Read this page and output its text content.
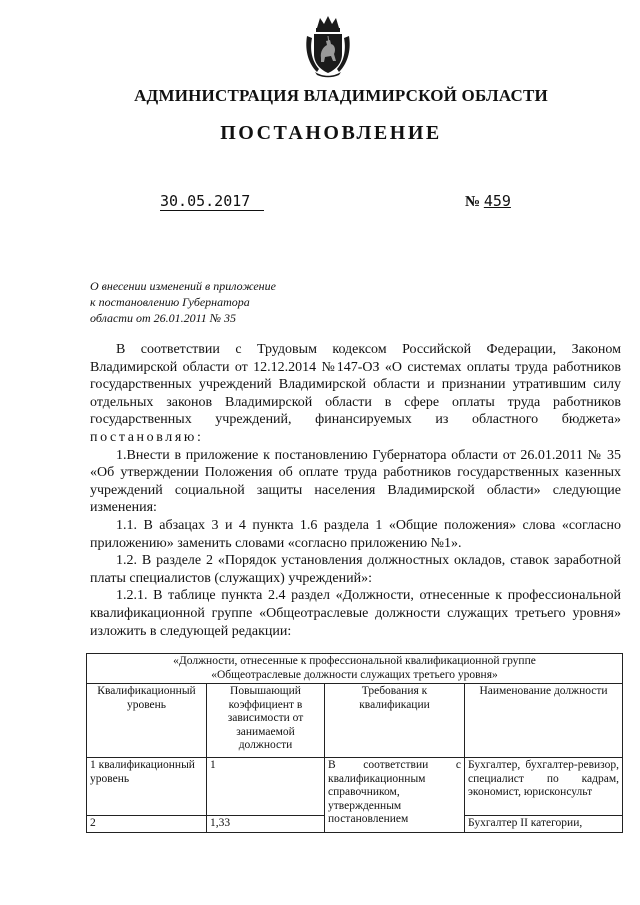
АДМИНИСТРАЦИЯ ВЛАДИМИРСКОЙ ОБЛАСТИ
ПОСТАНОВЛЕНИЕ
30.05.2017	№ 459
О внесении изменений в приложение
к постановлению Губернатора
области от 26.01.2011 № 35

В соответствии с Трудовым кодексом Российской Федерации, Законом Владимирской области от 12.12.2014 №147-ОЗ «О системах оплаты труда работников государственных учреждений Владимирской области и признании утратившим силу отдельных законов Владимирской области в сфере оплаты труда работников государственных учреждений, финансируемых из областного бюджета» постановляю:

1.Внести в приложение к постановлению Губернатора области от 26.01.2011 № 35 «Об утверждении Положения об оплате труда работников государственных казенных учреждений социальной защиты населения Владимирской области» следующие изменения:

1.1. В абзацах 3 и 4 пункта 1.6 раздела 1 «Общие положения» слова «согласно приложению» заменить словами «согласно приложению №1».

1.2. В разделе 2 «Порядок установления должностных окладов, ставок заработной платы специалистов (служащих) учреждений»:

1.2.1. В таблице пункта 2.4 раздел «Должности, отнесенные к профессиональной квалификационной группе «Общеотраслевые должности служащих третьего уровня» изложить в следующей редакции:

«Должности, отнесенные к профессиональной квалификационной группе
«Общеотраслевые должности служащих третьего уровня»			

Квалификационный уровень	Повышающий коэффициент в зависимости от занимаемой должности	Требования к квалификации	Наименование должности
1 квалификационный уровень	1	В соответствии с квалификационным справочником, утвержденным постановлением	Бухгалтер, бухгалтер-ревизор, специалист по кадрам, экономист, юрисконсульт
2	1,33		Бухгалтер II категории,
